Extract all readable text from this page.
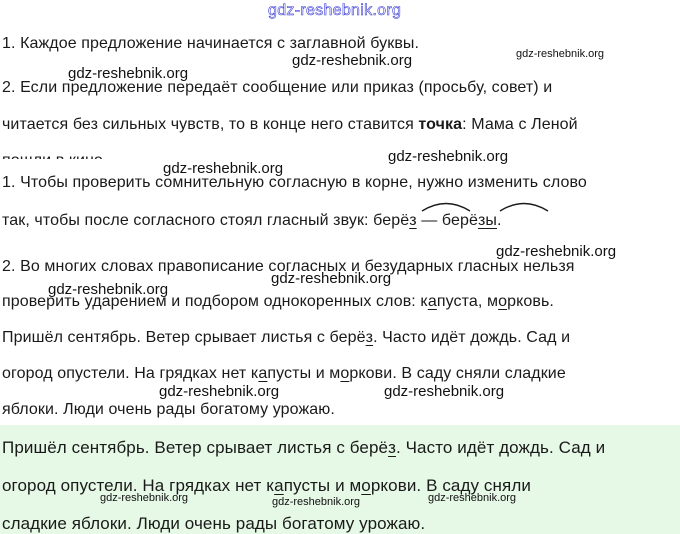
gdz-reshebnik.org
1. Каждое предложение начинается с заглавной буквы.
2. Если предложение передаёт сообщение или приказ (просьбу, совет) и
читается без сильных чувств, то в конце него ставится точка: Мама с Леной
1. Чтобы проверить сомнительную согласную в корне, нужно изменить слово
так, чтобы после согласного стоял гласный звук: берёз — берёзы.
2. Во многих словах правописание согласных и безударных гласных нельзя
проверить ударением и подбором однокоренных слов: капуста, морковь.
Пришёл сентябрь. Ветер срывает листья с берёз. Часто идёт дождь. Сад и
огород опустели. На грядках нет капусты и моркови. В саду сняли сладкие
яблоки. Люди очень рады богатому урожаю.
Пришёл сентябрь. Ветер срывает листья с берёз. Часто идёт дождь. Сад и
огород опустели. На грядках нет капусты и моркови. В саду сняли
сладкие яблоки. Люди очень рады богатому урожаю.
gdz-reshebnik.org
gdz-reshebnik.org
gdz-reshebnik.org
gdz-reshebnik.org
gdz-reshebnik.org
gdz-reshebnik.org
gdz-reshebnik.org
gdz-reshebnik.org
gdz-reshebnik.org	gdz-reshebnik.org
gdz-reshebnik.org	gdz-reshebnik.org	gdz-reshebnik.org
